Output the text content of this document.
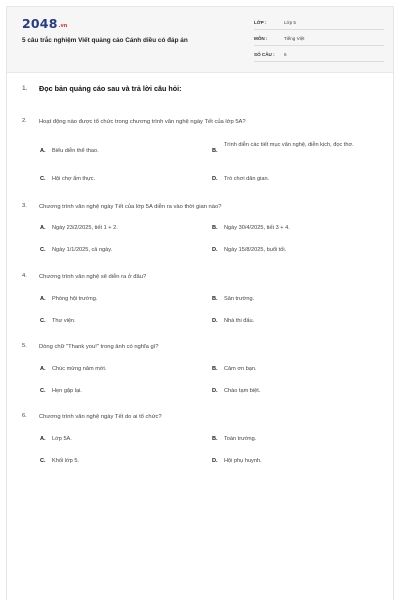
$2048^{.vn}$
5 câu trắc nghiệm Viết quảng cáo Cánh diều có đáp án
LỚP :	Lớp 5
MÔN :	Tiếng Việt
SỐ CÂU : 6
1. Đọc bản quảng cáo sau và trả lời câu hỏi:
2. Hoạt động nào được tổ chức trong chương trình văn nghệ ngày Tết của lớp 5A?
A. Biểu diễn thể thao.	B.
Trình diễn các tiết mục văn nghệ, diễn kịch, đọc thơ.
C. Hội chợ ẩm thực.	D. Trò chơi dân gian.
3. Chương trình văn nghệ ngày Tết của lớp 5A diễn ra vào thời gian nào?
A. Ngày 23/2/2025, tiết 1 + 2.	B. Ngày 30/4/2025, tiết 3 + 4.
C. Ngày 1/1/2025, cả ngày.	D. Ngày 15/8/2025, buổi tối.
4. Chương trình văn nghệ sẽ diễn ra ở đâu?
A. Phòng hội trường.	B. Sân trường.
C. Thư viện.	D. Nhà thi đấu.
5. Dòng chữ "Thank you!" trong ảnh có nghĩa gì?
A. Chúc mừng năm mới.	B. Cảm ơn bạn.
C. Hẹn gặp lại.	D. Chào tạm biệt.
6. Chương trình văn nghệ ngày Tết do ai tổ chức?
A. Lớp 5A.	B. Toàn trường.
C. Khối lớp 5.	D. Hội phụ huynh.
